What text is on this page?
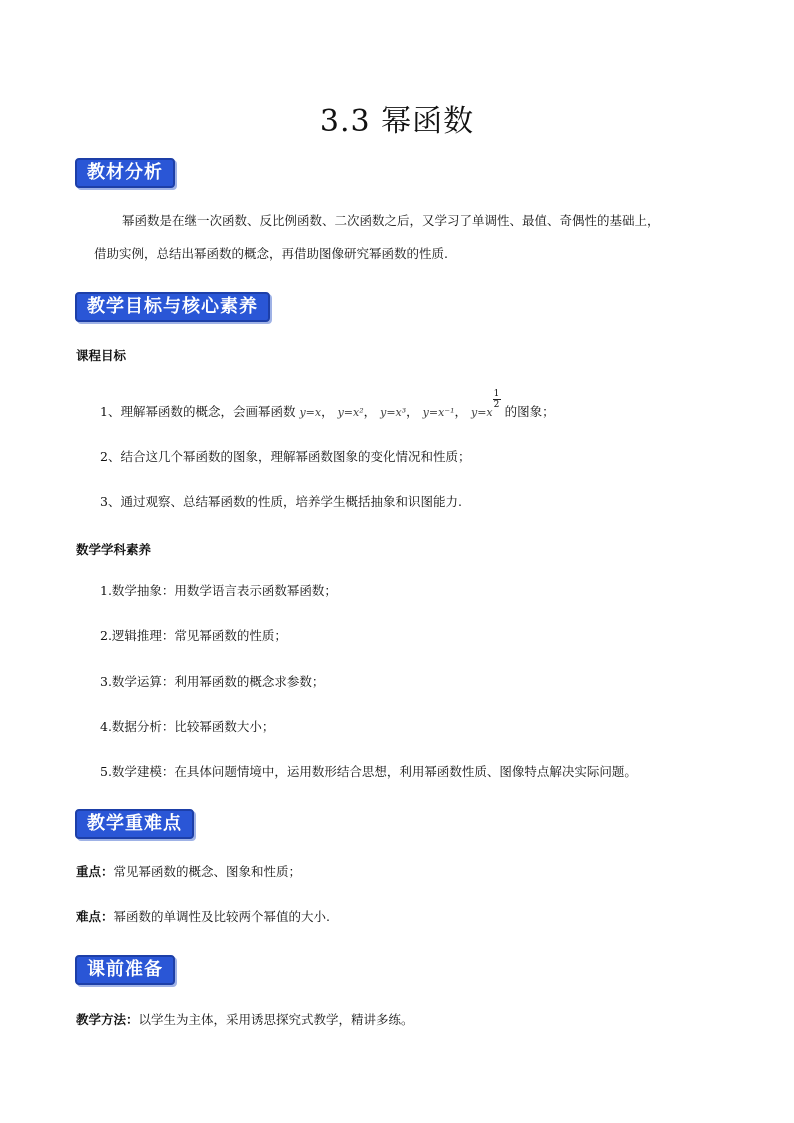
3.3 幂函数
教材分析
幂函数是在继一次函数、反比例函数、二次函数之后，又学习了单调性、最值、奇偶性的基础上，
借助实例，总结出幂函数的概念，再借助图像研究幂函数的性质.
教学目标与核心素养
课程目标
1、理解幂函数的概念，会画幂函数 y=x， y=x²， y=x³， y=x⁻¹， $y=x \frac{1}{2}$ 的图象；
2、结合这几个幂函数的图象，理解幂函数图象的变化情况和性质；
3、通过观察、总结幂函数的性质，培养学生概括抽象和识图能力.
数学学科素养
1.数学抽象：用数学语言表示函数幂函数；
2.逻辑推理：常见幂函数的性质；
3.数学运算：利用幂函数的概念求参数；
4.数据分析：比较幂函数大小；
5.数学建模：在具体问题情境中，运用数形结合思想，利用幂函数性质、图像特点解决实际问题。
教学重难点
重点：常见幂函数的概念、图象和性质；
难点：幂函数的单调性及比较两个幂值的大小.
课前准备
教学方法：以学生为主体，采用诱思探究式教学，精讲多练。
